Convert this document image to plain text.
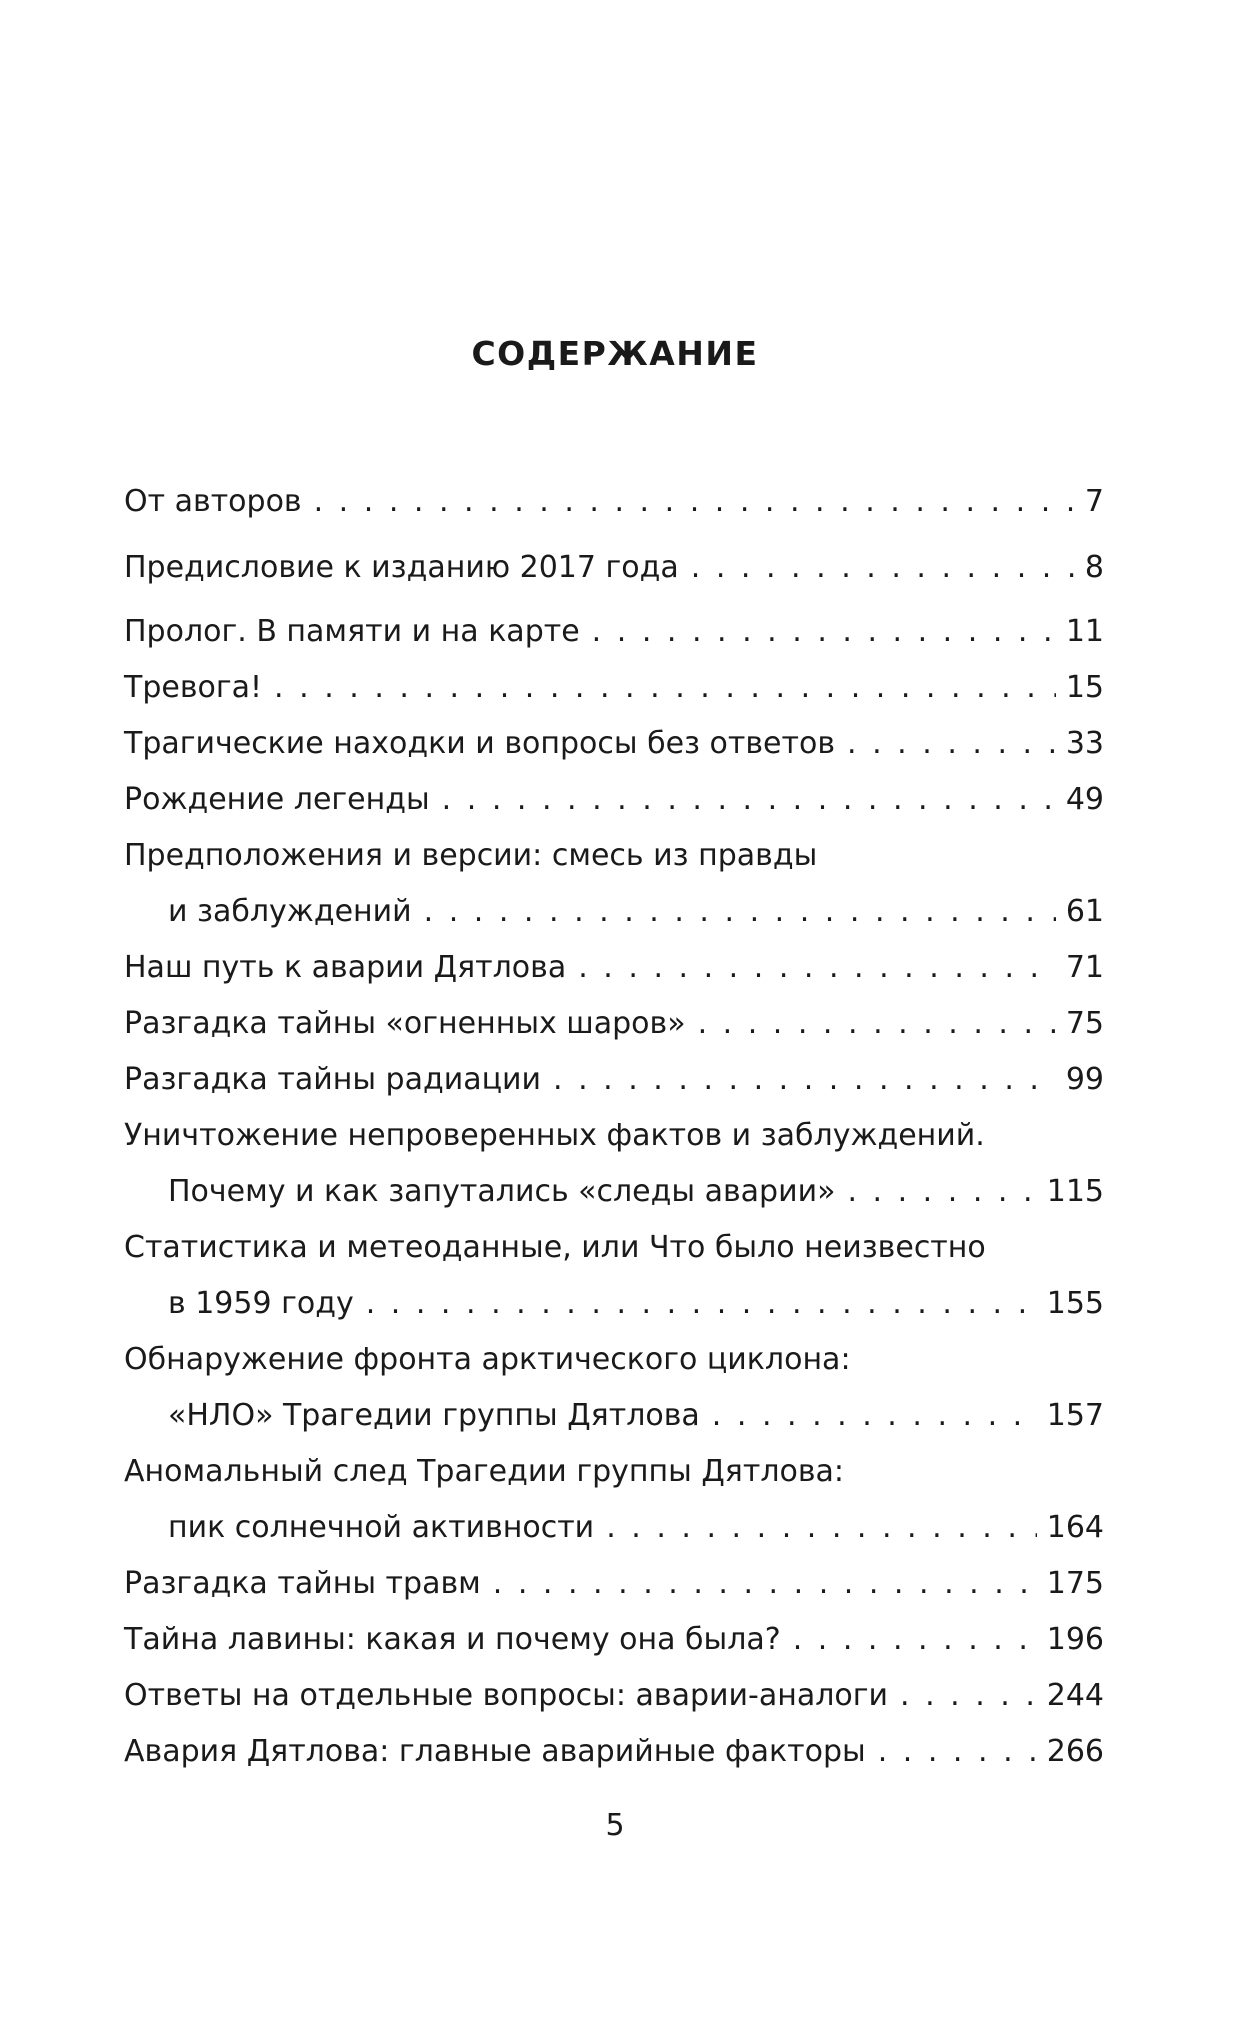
СОДЕРЖАНИЕ
От авторов . . .	7
Предисловие к изданию 2017 года . . .	8
Пролог. В памяти и на карте . . .	11
Тревога! . . .	15
Трагические находки и вопросы без ответов . . .	33
Рождение легенды . . .	49
Предположения и версии: смесь из правды
и заблуждений . . .	61
Наш путь к аварии Дятлова . . .	71
Разгадка тайны «огненных шаров» . . .	75
Разгадка тайны радиации . . .	99
Уничтожение непроверенных фактов и заблуждений.
Почему и как запутались «следы аварии» . . .	115
Статистика и метеоданные, или Что было неизвестно
в 1959 году . . .	155
Обнаружение фронта арктического циклона:
«НЛО» Трагедии группы Дятлова . . .	157
Аномальный след Трагедии группы Дятлова:
пик солнечной активности . . .	164
Разгадка тайны травм . . .	175
Тайна лавины: какая и почему она была? . . .	196
Ответы на отдельные вопросы: аварии-аналоги . . .	244
Авария Дятлова: главные аварийные факторы . . .	266
5
